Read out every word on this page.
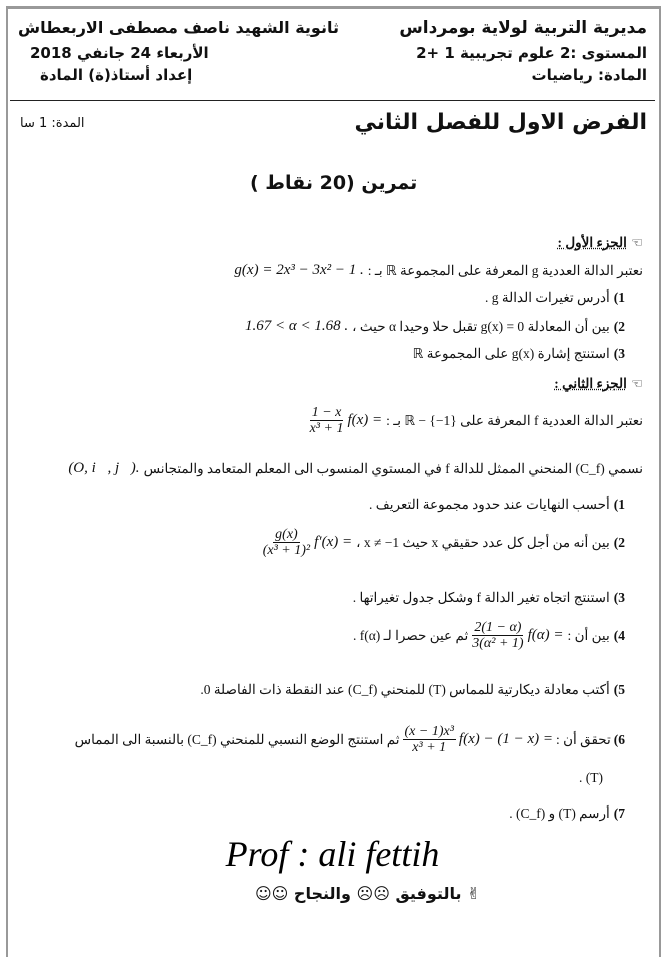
مديرية التربية لولاية بومرداس
المستوى :2 علوم تجريبية 1 +2
المادة: رياضيات
ثانوية الشهيد ناصف مصطفى الاربعطاش
الأربعاء 24 جانفي 2018
إعداد أستاذ(ة) المادة
الفرض الاول للفصل الثاني
المدة: 1 سا
تمرين (20 نقاط )
☜
الجزء الأول :
نعتبر الدالة العددية g المعرفة على المجموعة ℝ بـ :
g(x) = 2x³ − 3x² − 1 .
1)
أدرس تغيرات الدالة g .
2)
بين أن المعادلة g(x) = 0 تقبل حلا وحيدا α حيث ،
1.67 < α < 1.68 .
3)
استنتج إشارة g(x) على المجموعة ℝ
☜
الجزء الثاني :
نعتبر الدالة العددية f المعرفة على ℝ − {−1} بـ :
f(x) =
$\frac{1 - x}{\text{x³ + 1}}$
نسمي (C_f) المنحني الممثل للدالة f في المستوي المنسوب الى المعلم المتعامد والمتجانس
(O, i⃗, j⃗).
1)
أحسب النهايات عند حدود مجموعة التعريف .
2)
بين أنه من أجل كل عدد حقيقي x حيث x ≠ −1 ،
f′(x) =
$\frac{g(x)}{\text{(x³ + 1)²}}$
3)
استنتج اتجاه تغير الدالة f وشكل جدول تغيراتها .
4)
بين أن :
f(α) =
$\frac{2(1 - \alpha)}{\text{3(α² + 1)}}$
ثم عين حصرا لـ f(α) .
5)
أكتب معادلة ديكارتية للمماس (T) للمنحني (C_f) عند النقطة ذات الفاصلة 0.
6)
تحقق أن :
f(x) − (1 − x) =
$\frac{\text{(x − 1)x³}}{\text{x³ + 1}}$
ثم استنتج الوضع النسبي للمنحني (C_f) بالنسبة الى المماس
(T) .
7)
أرسم (T) و (C_f) .
Prof : ali fettih
✌ بالتوفيق ☹☹ والنجاح ☺☺
